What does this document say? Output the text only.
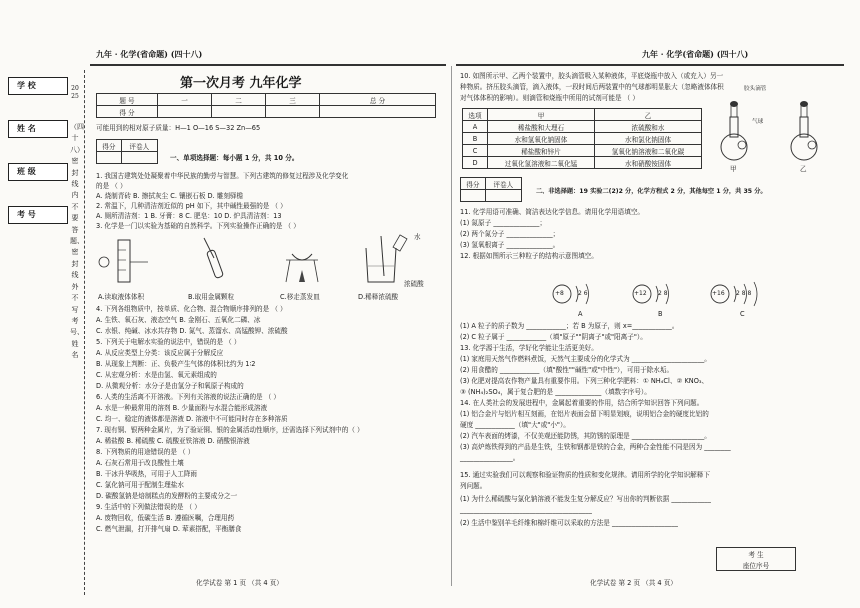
学 校
姓 名
班 级
考 号
2025
（四十八）密封线内不要答题、密封线外不写考号、姓名
九年 · 化学(省命题) (四十八)	九年 · 化学(省命题) (四十八)
第一次月考 九年化学
题 号	一	二	三	总 分
得 分				
可能用到的相对原子质量：H—1 O—16 S—32 Zn—65
得分	评卷人

一、单项选择题：每小题 1 分，共 10 分。
1. 我国古建筑处处凝聚着中华民族的勤劳与智慧。下列古建筑的修复过程涉及化学变化
的是 （ ）
A. 烧制青砖 B. 擦拭灰尘 C. 镶嵌石板 D. 雕刻驿檐
2. 常温下，几种清洁剂近似的 pH 如下，其中碱性最强的是 （ ）
A. 厕所清洁剂：1 B. 牙膏：8 C. 肥皂：10 D. 炉具清洁剂：13
3. 化学是一门以实验为基础的自然科学。下列实验操作正确的是 （ ）
水
浓硫酸
A.读取液体体积	B.取用金属颗粒	C.移走蒸发皿	D.稀释浓硫酸
4. 下列各组物质中，按单质、化合物、混合物顺序排列的是 （ ）
A. 生铁、氧石灰、液态空气 B. 金刚石、五氧化二磷、冰
C. 水银、纯碱、冰水共存物 D. 氮气、蒸馏水、高锰酸钾、浓硫酸
5. 下列关于电解水实验的说法中，错误的是 （ ）
A. 从反应类型上分类：该反应属于分解反应
B. 从现象上判断：正、负极产生气体的体积比约为 1∶2
C. 从宏观分析：水是由氢、氧元素组成的
D. 从微观分析：水分子是由氢分子和氧原子构成的
6. 人类的生活离不开溶液。下列有关溶液的说法正确的是 （ ）
A. 水是一种最常用的溶剂 B. 少量面粉与水混合能形成溶液
C. 均一、稳定的液体都是溶液 D. 溶液中不可能同时存在多种溶质
7. 现有铜、银两种金属片，为了验证铜、银的金属活动性顺序，还需选择下列试剂中的（ ）
A. 稀盐酸 B. 稀硫酸 C. 硫酸亚铁溶液 D. 硝酸银溶液
8. 下列物质的用途错误的是 （ ）
A. 石灰石常用于改良酸性土壤
B. 干冰升华吸热，可用于人工降雨
C. 氯化钠可用于配制生理盐水
D. 碳酸氢钠是焙制糕点的发酵粉的主要成分之一
9. 生活中的下列做法错误的是 （ ）
A. 废物回收，低碳生活 B. 遵循医嘱，合理用药
C. 燃气泄漏，打开排气扇 D. 荤素搭配，平衡膳食
化学试卷 第 1 页 （共 4 页）
10. 如图所示甲、乙两个装置中，胶头滴管吸入某种液体，平底烧瓶中放入（或充入）另一
种物质。挤压胶头滴管，滴入液体，一段时间后两装置中的气球都明显胀大（忽略液体体积
对气体体积的影响）。则滴管和烧瓶中所用的试剂可能是 （ ）
选项	甲	乙
A	稀盐酸和大理石	浓硫酸和水
B	水和氢氧化钠固体	水和氯化钠固体
C	稀盐酸和锌片	氢氧化钠溶液和二氧化碳
D	过氧化氢溶液和二氧化锰	水和硝酸铵固体
胶头滴管
气球
甲	乙
得分	评卷人

二、非选择题：19 实验二(2)2 分，化学方程式 2 分，其他每空 1 分，共 35 分。
11. 化学用语可准确、简洁表达化学信息。请用化学用语填空。
(1) 氮原子 ______________；
(2) 两个氮分子 ______________；
(3) 氢氧根离子 ______________。
12. 根据如图所示三种粒子的结构示意图填空。
+8 2 6
A
+12 2 8
B
+16 2 8 8
C
(1) A 粒子的质子数为 ____________；若 B 为原子，则 x=____________。
(2) C 粒子属于 ____________（填"原子""阴离子"或"阳离子"）。
13. 化学源于生活，学好化学能让生活更美好。
(1) 家庭用天然气作燃料煮饭，天然气主要成分的化学式为 ______________________。
(2) 用食醋的 ____________（填"酸性""碱性"或"中性"），可用于除水垢。
(3) 化肥对提高农作物产量具有重要作用。下列三种化学肥料：① NH₄Cl、② KNO₃、
③ (NH₄)₂SO₄，属于复合肥的是 ______________（填数字序号）。
14. 在人类社会的发展进程中，金属起着重要的作用，结合所学知识回答下列问题。
(1) 铝合金片与铝片相互刻画，在铝片表面会留下明显划痕，说明铝合金的硬度比铝的
硬度 ____________（填"大"或"小"）。
(2) 汽车表面的烤漆，不仅美观还能防锈，其防锈的原理是 ______________________。
(3) 高炉炼铁得到的产品是生铁，生铁和钢都是铁的合金，两种合金性能不同是因为 ________
________________。
15. 通过实验我们可以观察和验证物质的性质和变化规律。请用所学的化学知识解释下
列问题。
(1) 为什么稀硫酸与氯化钠溶液不能发生复分解反应？写出你的判断依据 ____________
________________________________________
(2) 生活中鉴别羊毛纤维和棉纤维可以采取的方法是 ____________________
考 生
座位序号
化学试卷 第 2 页 （共 4 页）
